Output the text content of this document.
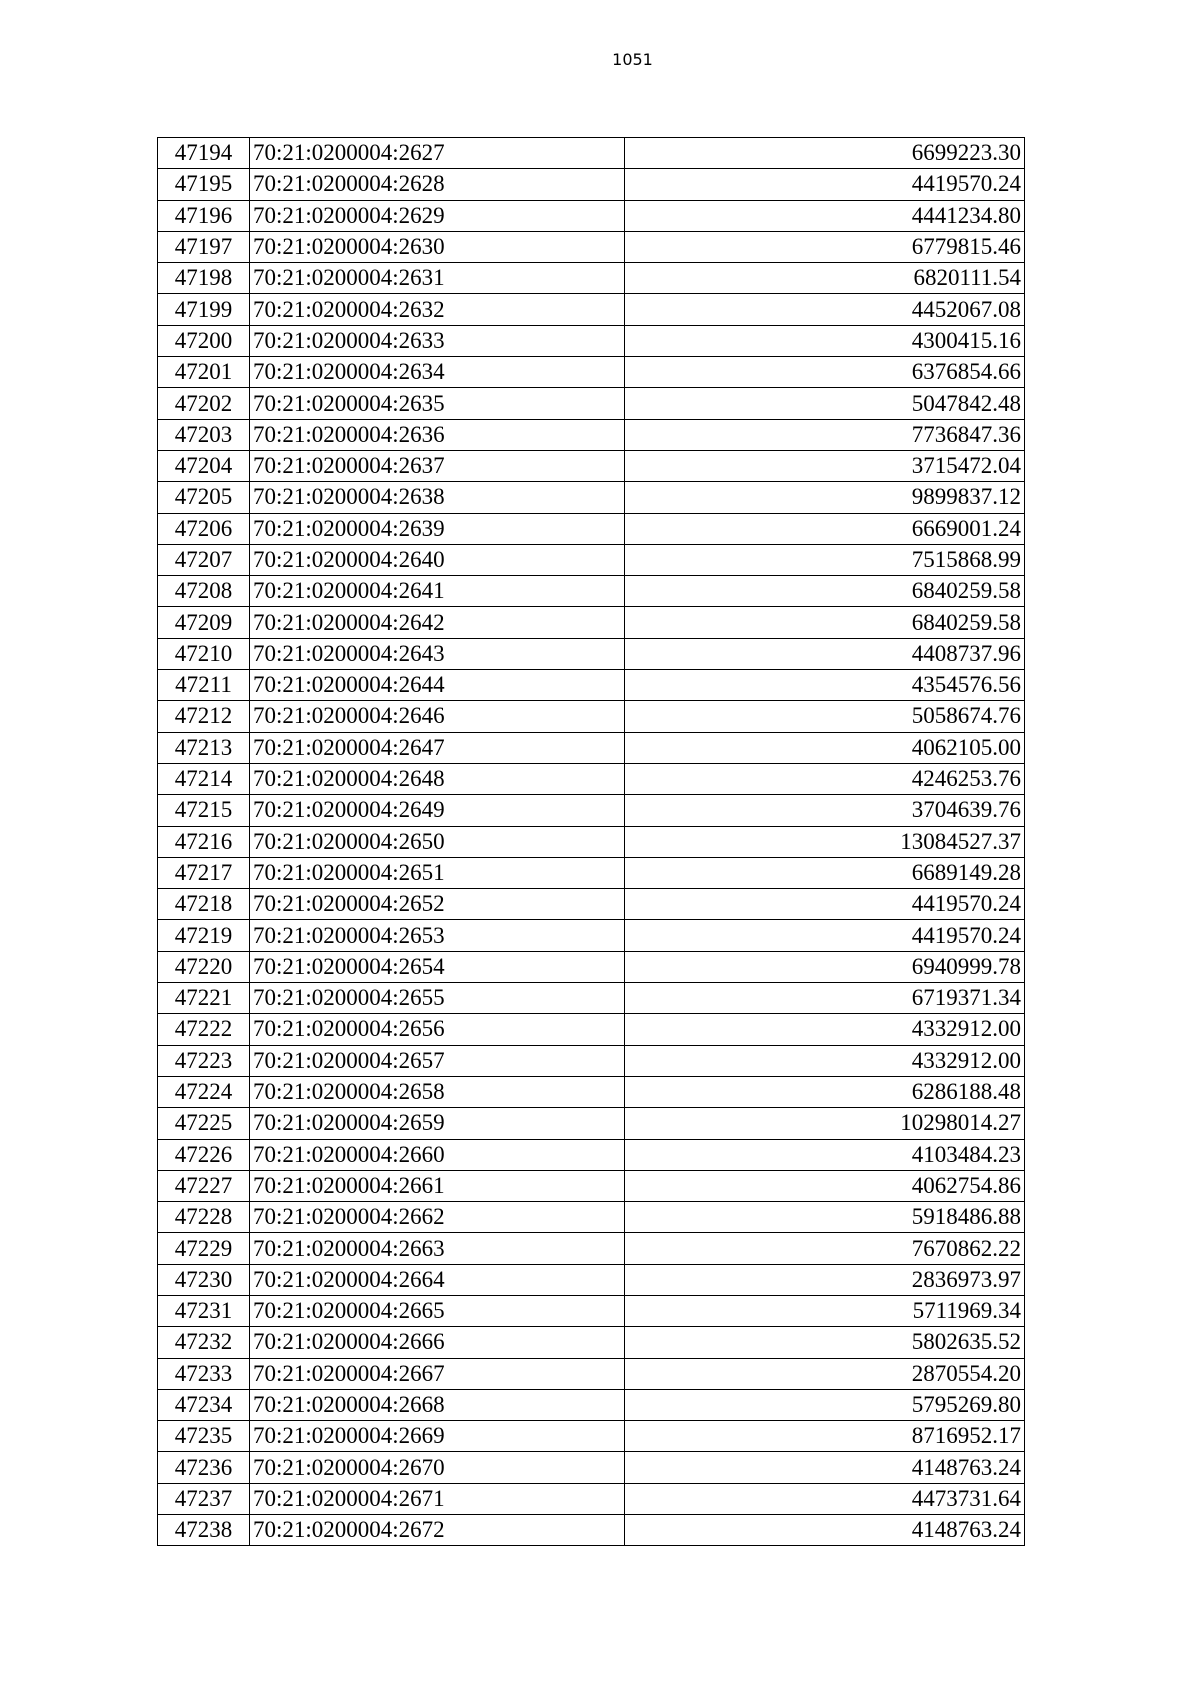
1051
47194	70:21:0200004:2627	6699223.30
47195	70:21:0200004:2628	4419570.24
47196	70:21:0200004:2629	4441234.80
47197	70:21:0200004:2630	6779815.46
47198	70:21:0200004:2631	6820111.54
47199	70:21:0200004:2632	4452067.08
47200	70:21:0200004:2633	4300415.16
47201	70:21:0200004:2634	6376854.66
47202	70:21:0200004:2635	5047842.48
47203	70:21:0200004:2636	7736847.36
47204	70:21:0200004:2637	3715472.04
47205	70:21:0200004:2638	9899837.12
47206	70:21:0200004:2639	6669001.24
47207	70:21:0200004:2640	7515868.99
47208	70:21:0200004:2641	6840259.58
47209	70:21:0200004:2642	6840259.58
47210	70:21:0200004:2643	4408737.96
47211	70:21:0200004:2644	4354576.56
47212	70:21:0200004:2646	5058674.76
47213	70:21:0200004:2647	4062105.00
47214	70:21:0200004:2648	4246253.76
47215	70:21:0200004:2649	3704639.76
47216	70:21:0200004:2650	13084527.37
47217	70:21:0200004:2651	6689149.28
47218	70:21:0200004:2652	4419570.24
47219	70:21:0200004:2653	4419570.24
47220	70:21:0200004:2654	6940999.78
47221	70:21:0200004:2655	6719371.34
47222	70:21:0200004:2656	4332912.00
47223	70:21:0200004:2657	4332912.00
47224	70:21:0200004:2658	6286188.48
47225	70:21:0200004:2659	10298014.27
47226	70:21:0200004:2660	4103484.23
47227	70:21:0200004:2661	4062754.86
47228	70:21:0200004:2662	5918486.88
47229	70:21:0200004:2663	7670862.22
47230	70:21:0200004:2664	2836973.97
47231	70:21:0200004:2665	5711969.34
47232	70:21:0200004:2666	5802635.52
47233	70:21:0200004:2667	2870554.20
47234	70:21:0200004:2668	5795269.80
47235	70:21:0200004:2669	8716952.17
47236	70:21:0200004:2670	4148763.24
47237	70:21:0200004:2671	4473731.64
47238	70:21:0200004:2672	4148763.24
